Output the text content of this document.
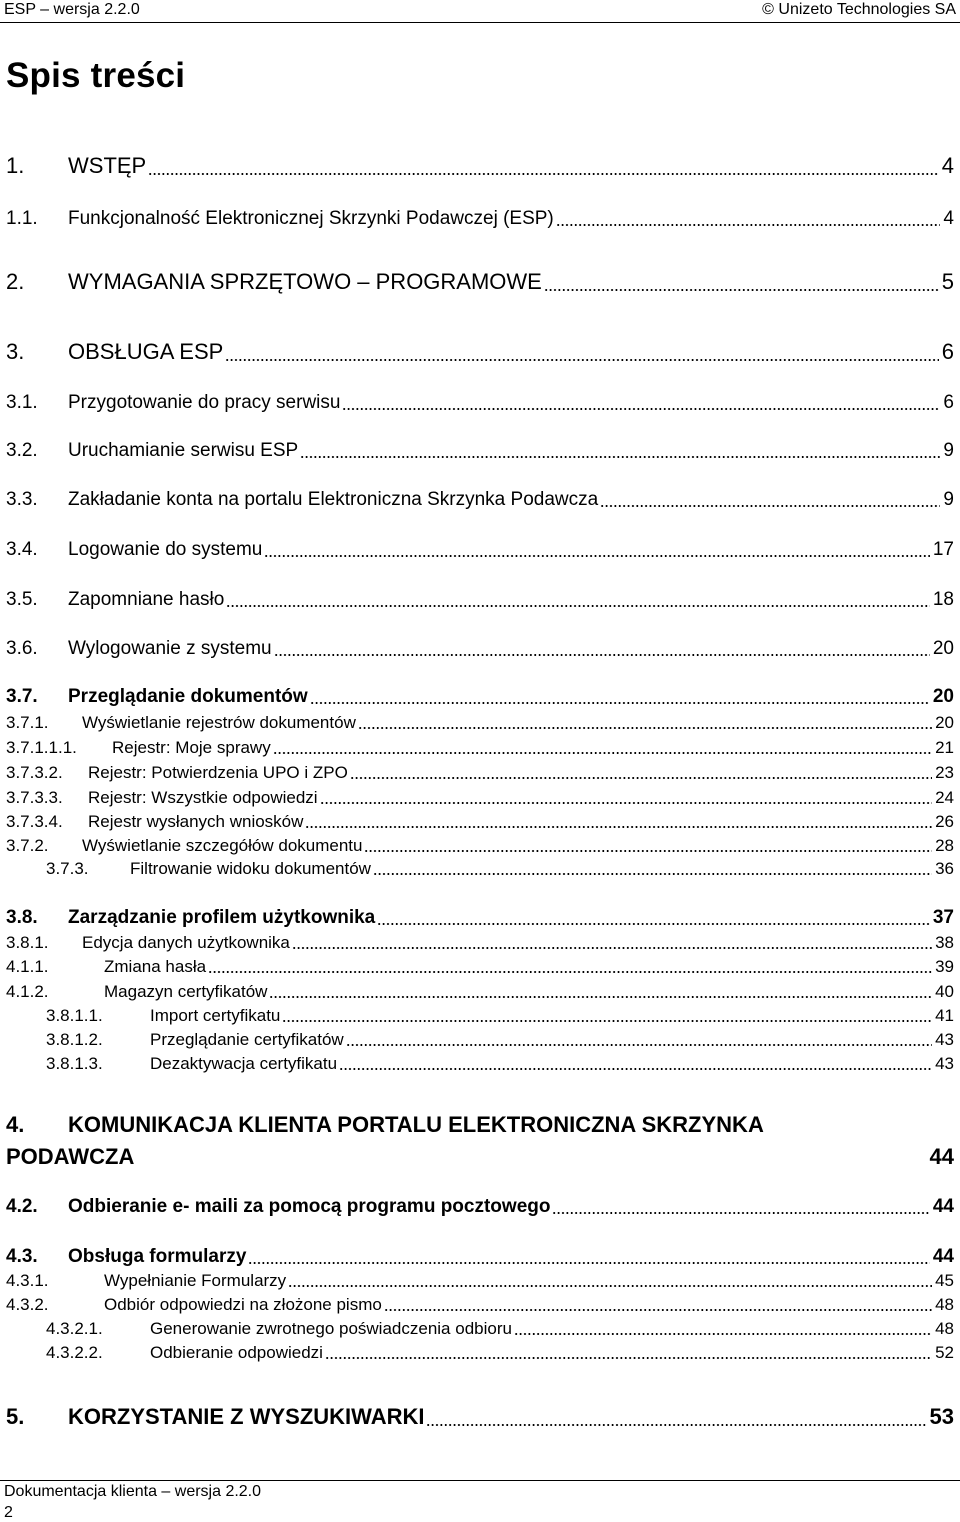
ESP – wersja 2.2.0	© Unizeto Technologies SA
Spis treści
1.	WSTĘP	4
1.1.	Funkcjonalność Elektronicznej Skrzynki Podawczej (ESP)	4
2.	WYMAGANIA SPRZĘTOWO – PROGRAMOWE	5
3.	OBSŁUGA ESP	6
3.1.	Przygotowanie do pracy serwisu	6
3.2.	Uruchamianie serwisu ESP	9
3.3.	Zakładanie konta na portalu Elektroniczna Skrzynka Podawcza	9
3.4.	Logowanie do systemu	17
3.5.	Zapomniane hasło	18
3.6.	Wylogowanie z systemu	20
3.7.	Przeglądanie dokumentów	20
3.7.1.	Wyświetlanie rejestrów dokumentów	20
3.7.1.1.1.	Rejestr: Moje sprawy	21
3.7.3.2.	Rejestr: Potwierdzenia UPO i ZPO	23
3.7.3.3.	Rejestr: Wszystkie odpowiedzi	24
3.7.3.4.	Rejestr wysłanych wniosków	26
3.7.2.	Wyświetlanie szczegółów dokumentu	28
3.7.3.	Filtrowanie widoku dokumentów	36
3.8.	Zarządzanie profilem użytkownika	37
3.8.1.	Edycja danych użytkownika	38
4.1.1.	Zmiana hasła	39
4.1.2.	Magazyn certyfikatów	40
3.8.1.1.	Import certyfikatu	41
3.8.1.2.	Przeglądanie certyfikatów	43
3.8.1.3.	Dezaktywacja certyfikatu	43
4. KOMUNIKACJA KLIENTA PORTALU ELEKTRONICZNA SKRZYNKA
PODAWCZA	44
4.2.	Odbieranie e- maili za pomocą programu pocztowego	44
4.3.	Obsługa formularzy	44
4.3.1.	Wypełnianie Formularzy	45
4.3.2.	Odbiór odpowiedzi na złożone pismo	48
4.3.2.1.	Generowanie zwrotnego poświadczenia odbioru	48
4.3.2.2.	Odbieranie odpowiedzi	52
5.	KORZYSTANIE Z WYSZUKIWARKI	53
Dokumentacja klienta – wersja 2.2.0
2
